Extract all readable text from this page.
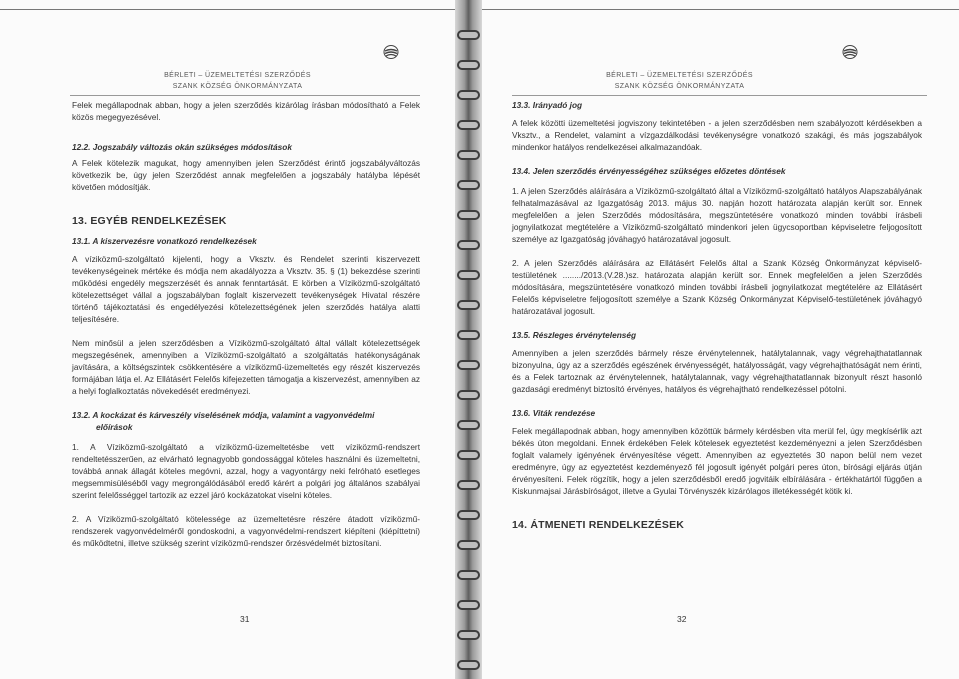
BÉRLETI – ÜZEMELTETÉSI SZERZŐDÉS
SZANK KÖZSÉG ÖNKORMÁNYZATA

Felek megállapodnak abban, hogy a jelen szerződés kizárólag írásban módosítható a Felek közös megegyezésével.

12.2. Jogszabály változás okán szükséges módosítások

A Felek kötelezik magukat, hogy amennyiben jelen Szerződést érintő jogszabályváltozás következik be, úgy jelen Szerződést annak megfelelően a jogszabály hatályba lépését követően módosítják.

13. EGYÉB RENDELKEZÉSEK

13.1. A kiszervezésre vonatkozó rendelkezések

A víziközmű-szolgáltató kijelenti, hogy a Vksztv. és Rendelet szerinti kiszervezett tevékenységeinek mértéke és módja nem akadályozza a Vksztv. 35. § (1) bekezdése szerinti működési engedély megszerzését és annak fenntartását. E körben a Víziközmű-szolgáltató kötelezettséget vállal a jogszabályban foglalt kiszervezett tevékenységek Hivatal részére történő tájékoztatási és engedélyezési kötelezettségének jelen szerződés hatálya alatti teljesítésére.

Nem minősül a jelen szerződésben a Víziközmű-szolgáltató által vállalt kötelezettségek megszegésének, amennyiben a Víziközmű-szolgáltató a szolgáltatás hatékonyságának javítására, a költségszintek csökkentésére a víziközmű-üzemeltetés egy részét kiszervezés formájában látja el. Az Ellátásért Felelős kifejezetten támogatja a kiszervezést, amennyiben az a helyi foglalkoztatás növekedését eredményezi.

13.2. A kockázat és kárveszély viselésének módja, valamint a vagyonvédelmi

előírások

1. A Víziközmű-szolgáltató a víziközmű-üzemeltetésbe vett víziközmű-rendszert rendeltetésszerűen, az elvárható legnagyobb gondossággal köteles használni és üzemeltetni, továbbá annak állagát köteles megóvni, azzal, hogy a vagyontárgy neki felróható esetleges megsemmisüléséből vagy megrongálódásából eredő kárért a polgári jog általános szabályai szerint felelősséggel tartozik az ezzel járó kockázatokat viselni köteles.

2. A Víziközmű-szolgáltató kötelessége az üzemeltetésre részére átadott víziközmű-rendszerek vagyonvédelméről gondoskodni, a vagyonvédelmi-rendszert kiépíteni (kiépíttetni) és működtetni, illetve szükség szerint víziközmű-rendszer őrzésvédelmét biztosítani.

31
BÉRLETI – ÜZEMELTETÉSI SZERZŐDÉS
SZANK KÖZSÉG ÖNKORMÁNYZATA

13.3. Irányadó jog

A felek közötti üzemeltetési jogviszony tekintetében - a jelen szerződésben nem szabályozott kérdésekben a Vksztv., a Rendelet, valamint a vízgazdálkodási tevékenységre vonatkozó szakági, és más jogszabályok mindenkor hatályos rendelkezései alkalmazandóak.

13.4. Jelen szerződés érvényességéhez szükséges előzetes döntések

1. A jelen Szerződés aláírására a Víziközmű-szolgáltató által a Víziközmű-szolgáltató hatályos Alapszabályának felhatalmazásával az Igazgatóság 2013. május 30. napján hozott határozata alapján került sor. Ennek megfelelően a jelen Szerződés módosítására, megszüntetésére vonatkozó minden további írásbeli jognyilatkozat megtételére a Víziközmű-szolgáltató mindenkori jelen ügycsoportban képviseletre feljogosított személye az Igazgatóság jóváhagyó határozatával jogosult.

2. A jelen Szerződés aláírására az Ellátásért Felelős által a Szank Község Önkormányzat képviselő-testületének ......../2013.(V.28.)sz. határozata alapján került sor. Ennek megfelelően a jelen Szerződés módosítására, megszüntetésére vonatkozó minden további írásbeli jognyilatkozat megtételére az Ellátásért Felelős képviseletre feljogosított személye a Szank Község Önkormányzat Képviselő-testületének jóváhagyó határozatával jogosult.

13.5. Részleges érvénytelenség

Amennyiben a jelen szerződés bármely része érvénytelennek, hatálytalannak, vagy végrehajthatatlannak bizonyulna, úgy az a szerződés egészének érvényességét, hatályosságát, vagy végrehajthatóságát nem érinti, és a Felek tartoznak az érvénytelennek, hatálytalannak, vagy végrehajthatatlannak bizonyult részt hasonló gazdasági eredményt biztosító érvényes, hatályos és végrehajtható rendelkezéssel pótolni.

13.6. Viták rendezése

Felek megállapodnak abban, hogy amennyiben közöttük bármely kérdésben vita merül fel, úgy megkísérlik azt békés úton megoldani. Ennek érdekében Felek kötelesek egyeztetést kezdeményezni a jelen Szerződésben foglalt valamely igényének érvényesítése végett. Amennyiben az egyeztetés 30 napon belül nem vezet eredményre, úgy az egyeztetést kezdeményező fél jogosult igényét polgári peres úton, bírósági eljárás útján érvényesíteni. Felek rögzítik, hogy a jelen szerződésből eredő jogvitáik elbírálására - értékhatártól függően a Kiskunmajsai Járásbíróságot, illetve a Gyulai Törvényszék kizárólagos illetékességét kötik ki.

14. ÁTMENETI RENDELKEZÉSEK

32
